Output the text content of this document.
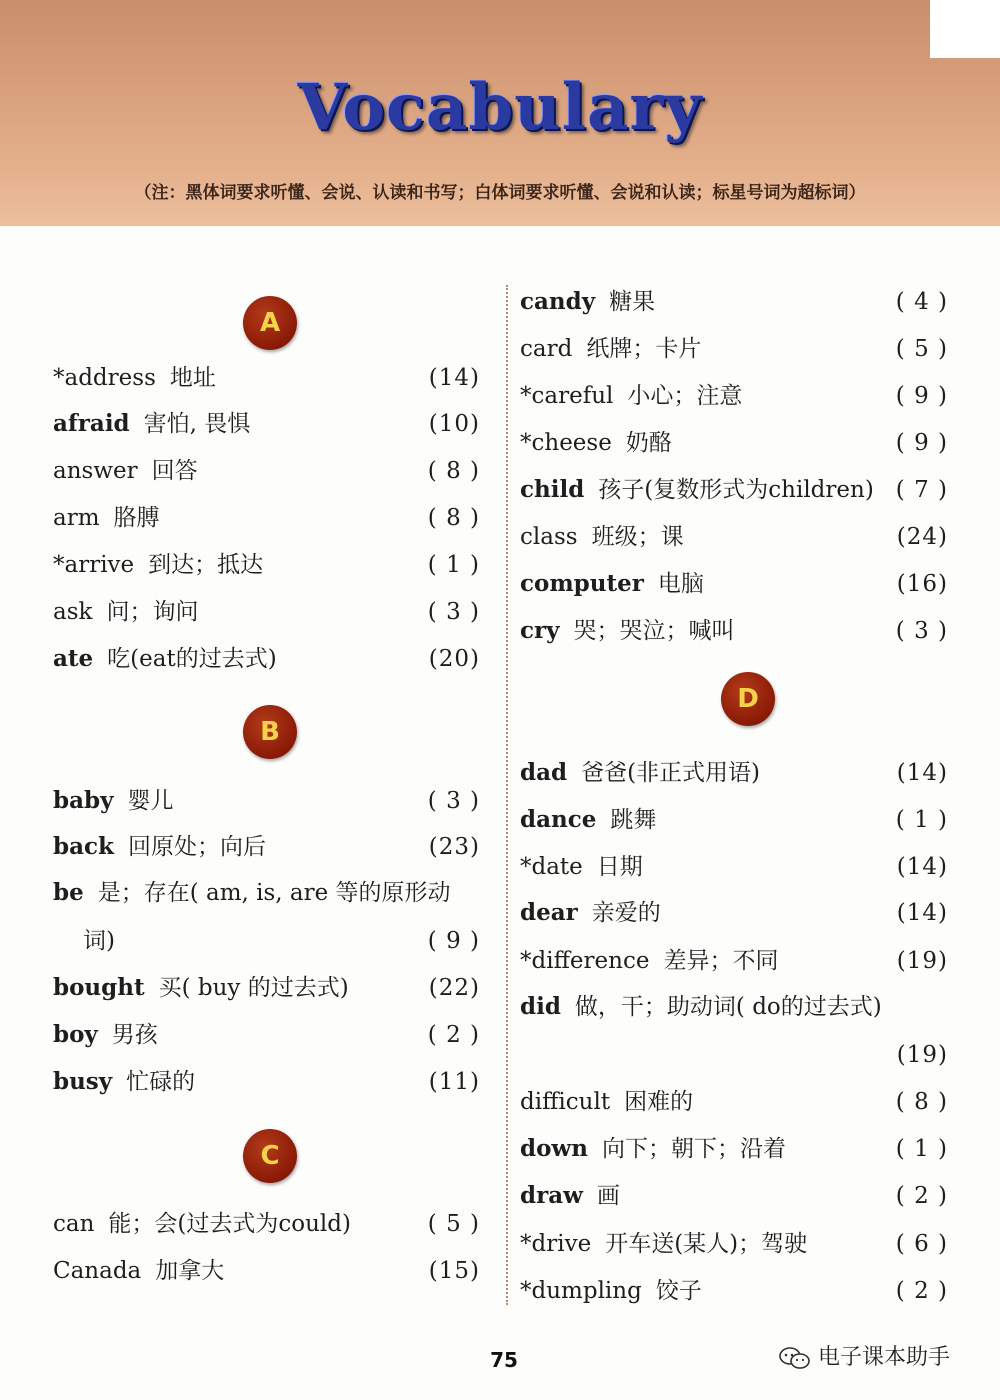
Vocabulary
（注：黑体词要求听懂、会说、认读和书写；白体词要求听懂、会说和认读；标星号词为超标词）
A
B
C
D
*address 地址	(14)
afraid 害怕, 畏惧	(10)
answer 回答	( 8 )
arm 胳膊	( 8 )
*arrive 到达；抵达	( 1 )
ask 问；询问	( 3 )
ate 吃(eat的过去式)	(20)
baby 婴儿	( 3 )
back 回原处；向后	(23)
be 是；存在( am, is, are 等的原形动
词)	( 9 )
bought 买( buy 的过去式)	(22)
boy 男孩	( 2 )
busy 忙碌的	(11)
can 能；会(过去式为could)	( 5 )
Canada 加拿大	(15)
candy 糖果	( 4 )
card 纸牌；卡片	( 5 )
*careful 小心；注意	( 9 )
*cheese 奶酪	( 9 )
child 孩子(复数形式为children) ( 7 )
class 班级；课	(24)
computer 电脑	(16)
cry 哭；哭泣；喊叫	( 3 )
dad 爸爸(非正式用语)	(14)
dance 跳舞	( 1 )
*date 日期	(14)
dear 亲爱的	(14)
*difference 差异；不同	(19)
did 做，干；助动词( do的过去式)
(19)
difficult 困难的	( 8 )
down 向下；朝下；沿着	( 1 )
draw 画	( 2 )
*drive 开车送(某人)；驾驶	( 6 )
*dumpling 饺子	( 2 )
75	电子课本助手
